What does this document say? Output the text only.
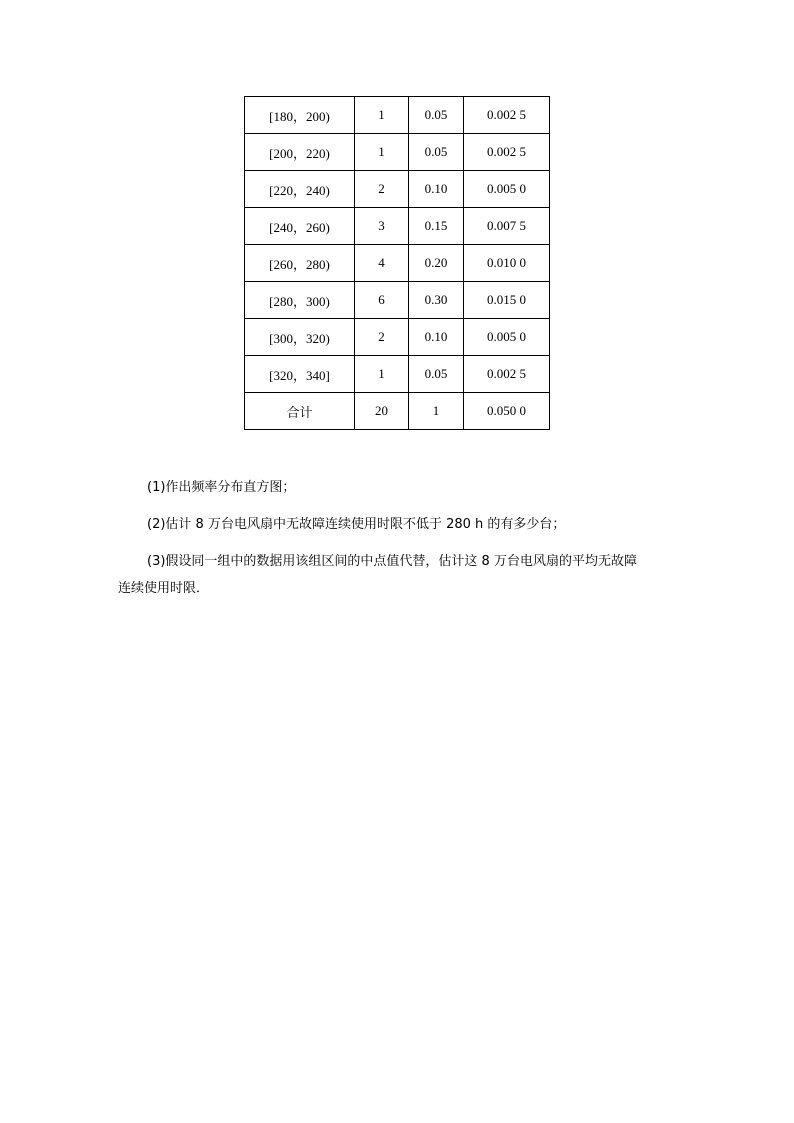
[180，200)	1	0.05	0.002 5
[200，220)	1	0.05	0.002 5
[220，240)	2	0.10	0.005 0
[240，260)	3	0.15	0.007 5
[260，280)	4	0.20	0.010 0
[280，300)	6	0.30	0.015 0
[300，320)	2	0.10	0.005 0
[320，340]	1	0.05	0.002 5
合计	20	1	0.050 0

(1)作出频率分布直方图；

(2)估计 8 万台电风扇中无故障连续使用时限不低于 280 h 的有多少台；

(3)假设同一组中的数据用该组区间的中点值代替，估计这 8 万台电风扇的平均无故障

连续使用时限．
